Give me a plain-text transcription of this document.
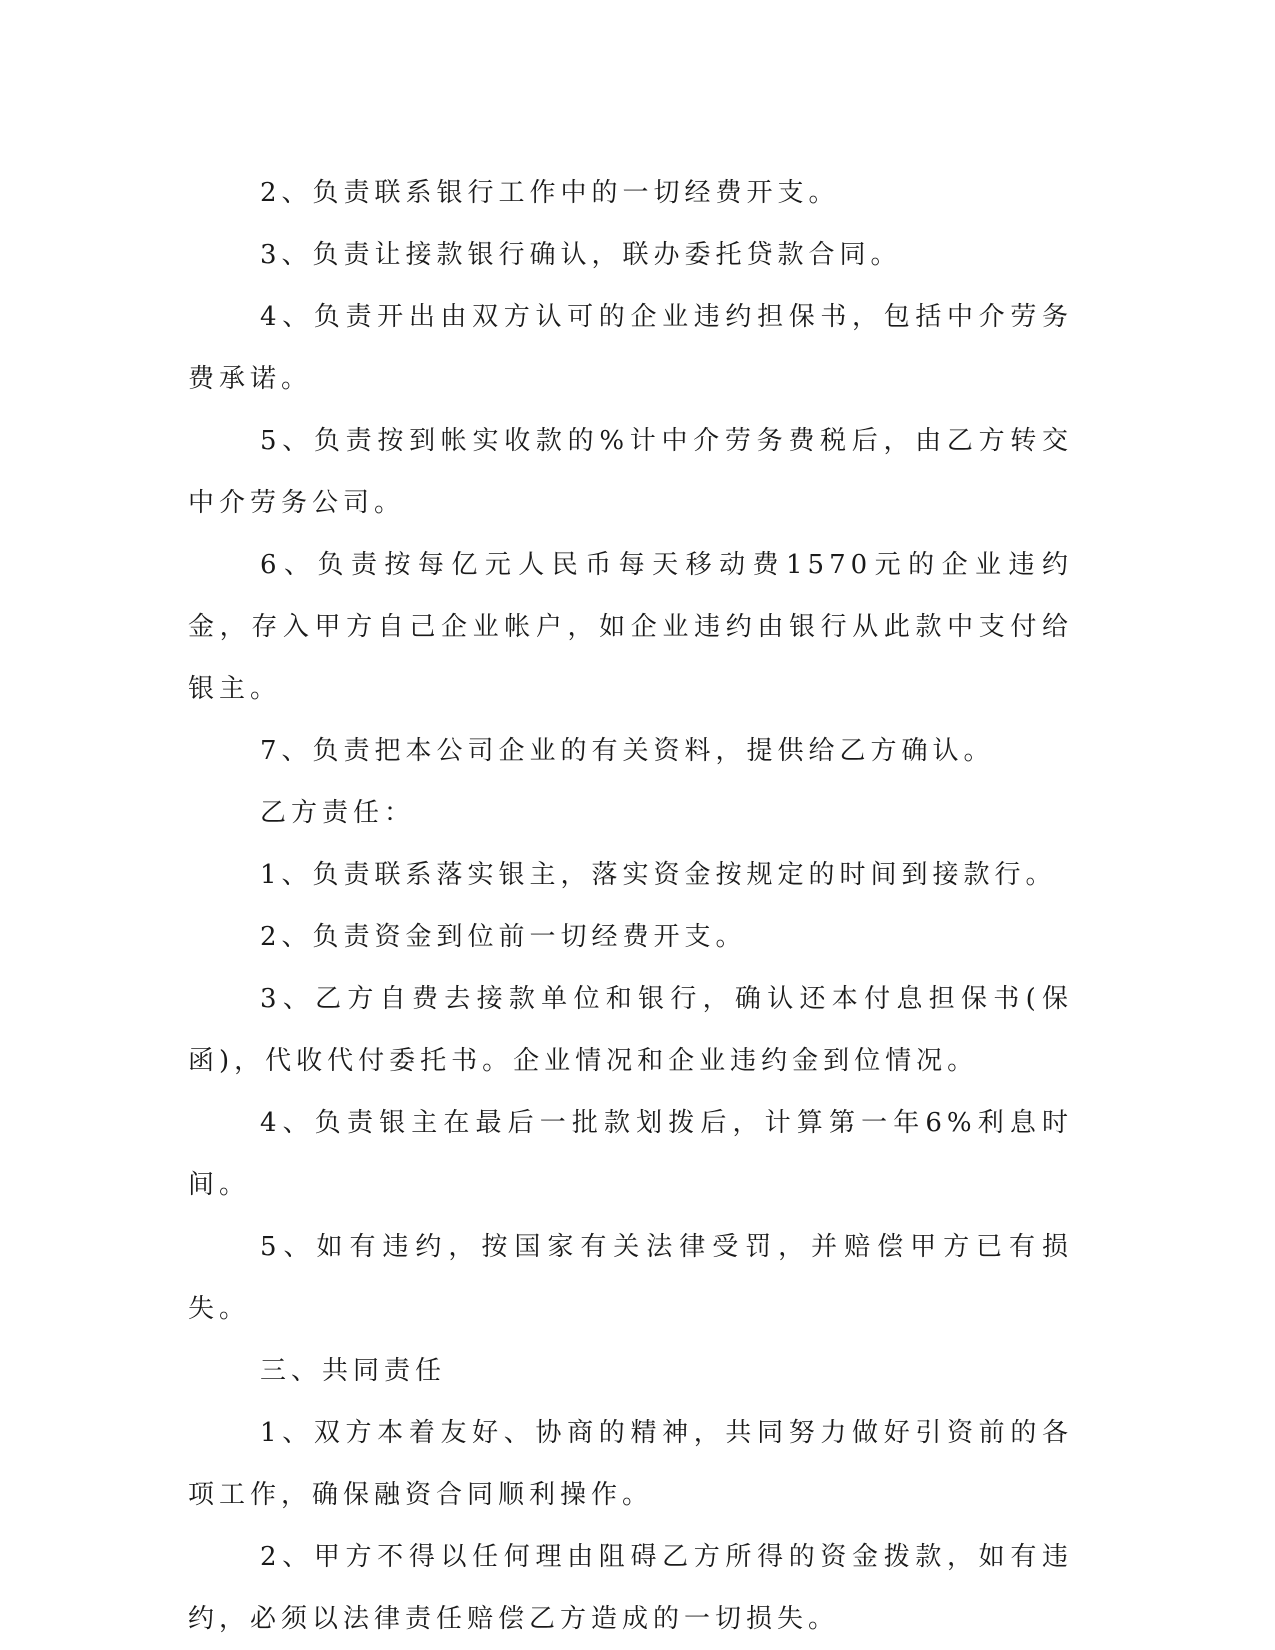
2、负责联系银行工作中的一切经费开支。

3、负责让接款银行确认，联办委托贷款合同。

4、负责开出由双方认可的企业违约担保书，包括中介劳务费承诺。

5、负责按到帐实收款的%计中介劳务费税后，由乙方转交中介劳务公司。

6、负责按每亿元人民币每天移动费1570元的企业违约金，存入甲方自己企业帐户，如企业违约由银行从此款中支付给银主。

7、负责把本公司企业的有关资料，提供给乙方确认。

乙方责任：

1、负责联系落实银主，落实资金按规定的时间到接款行。

2、负责资金到位前一切经费开支。

3、乙方自费去接款单位和银行，确认还本付息担保书(保函)，代收代付委托书。企业情况和企业违约金到位情况。

4、负责银主在最后一批款划拨后，计算第一年6%利息时间。

5、如有违约，按国家有关法律受罚，并赔偿甲方已有损失。

三、共同责任

1、双方本着友好、协商的精神，共同努力做好引资前的各项工作，确保融资合同顺利操作。

2、甲方不得以任何理由阻碍乙方所得的资金拨款，如有违约，必须以法律责任赔偿乙方造成的一切损失。
